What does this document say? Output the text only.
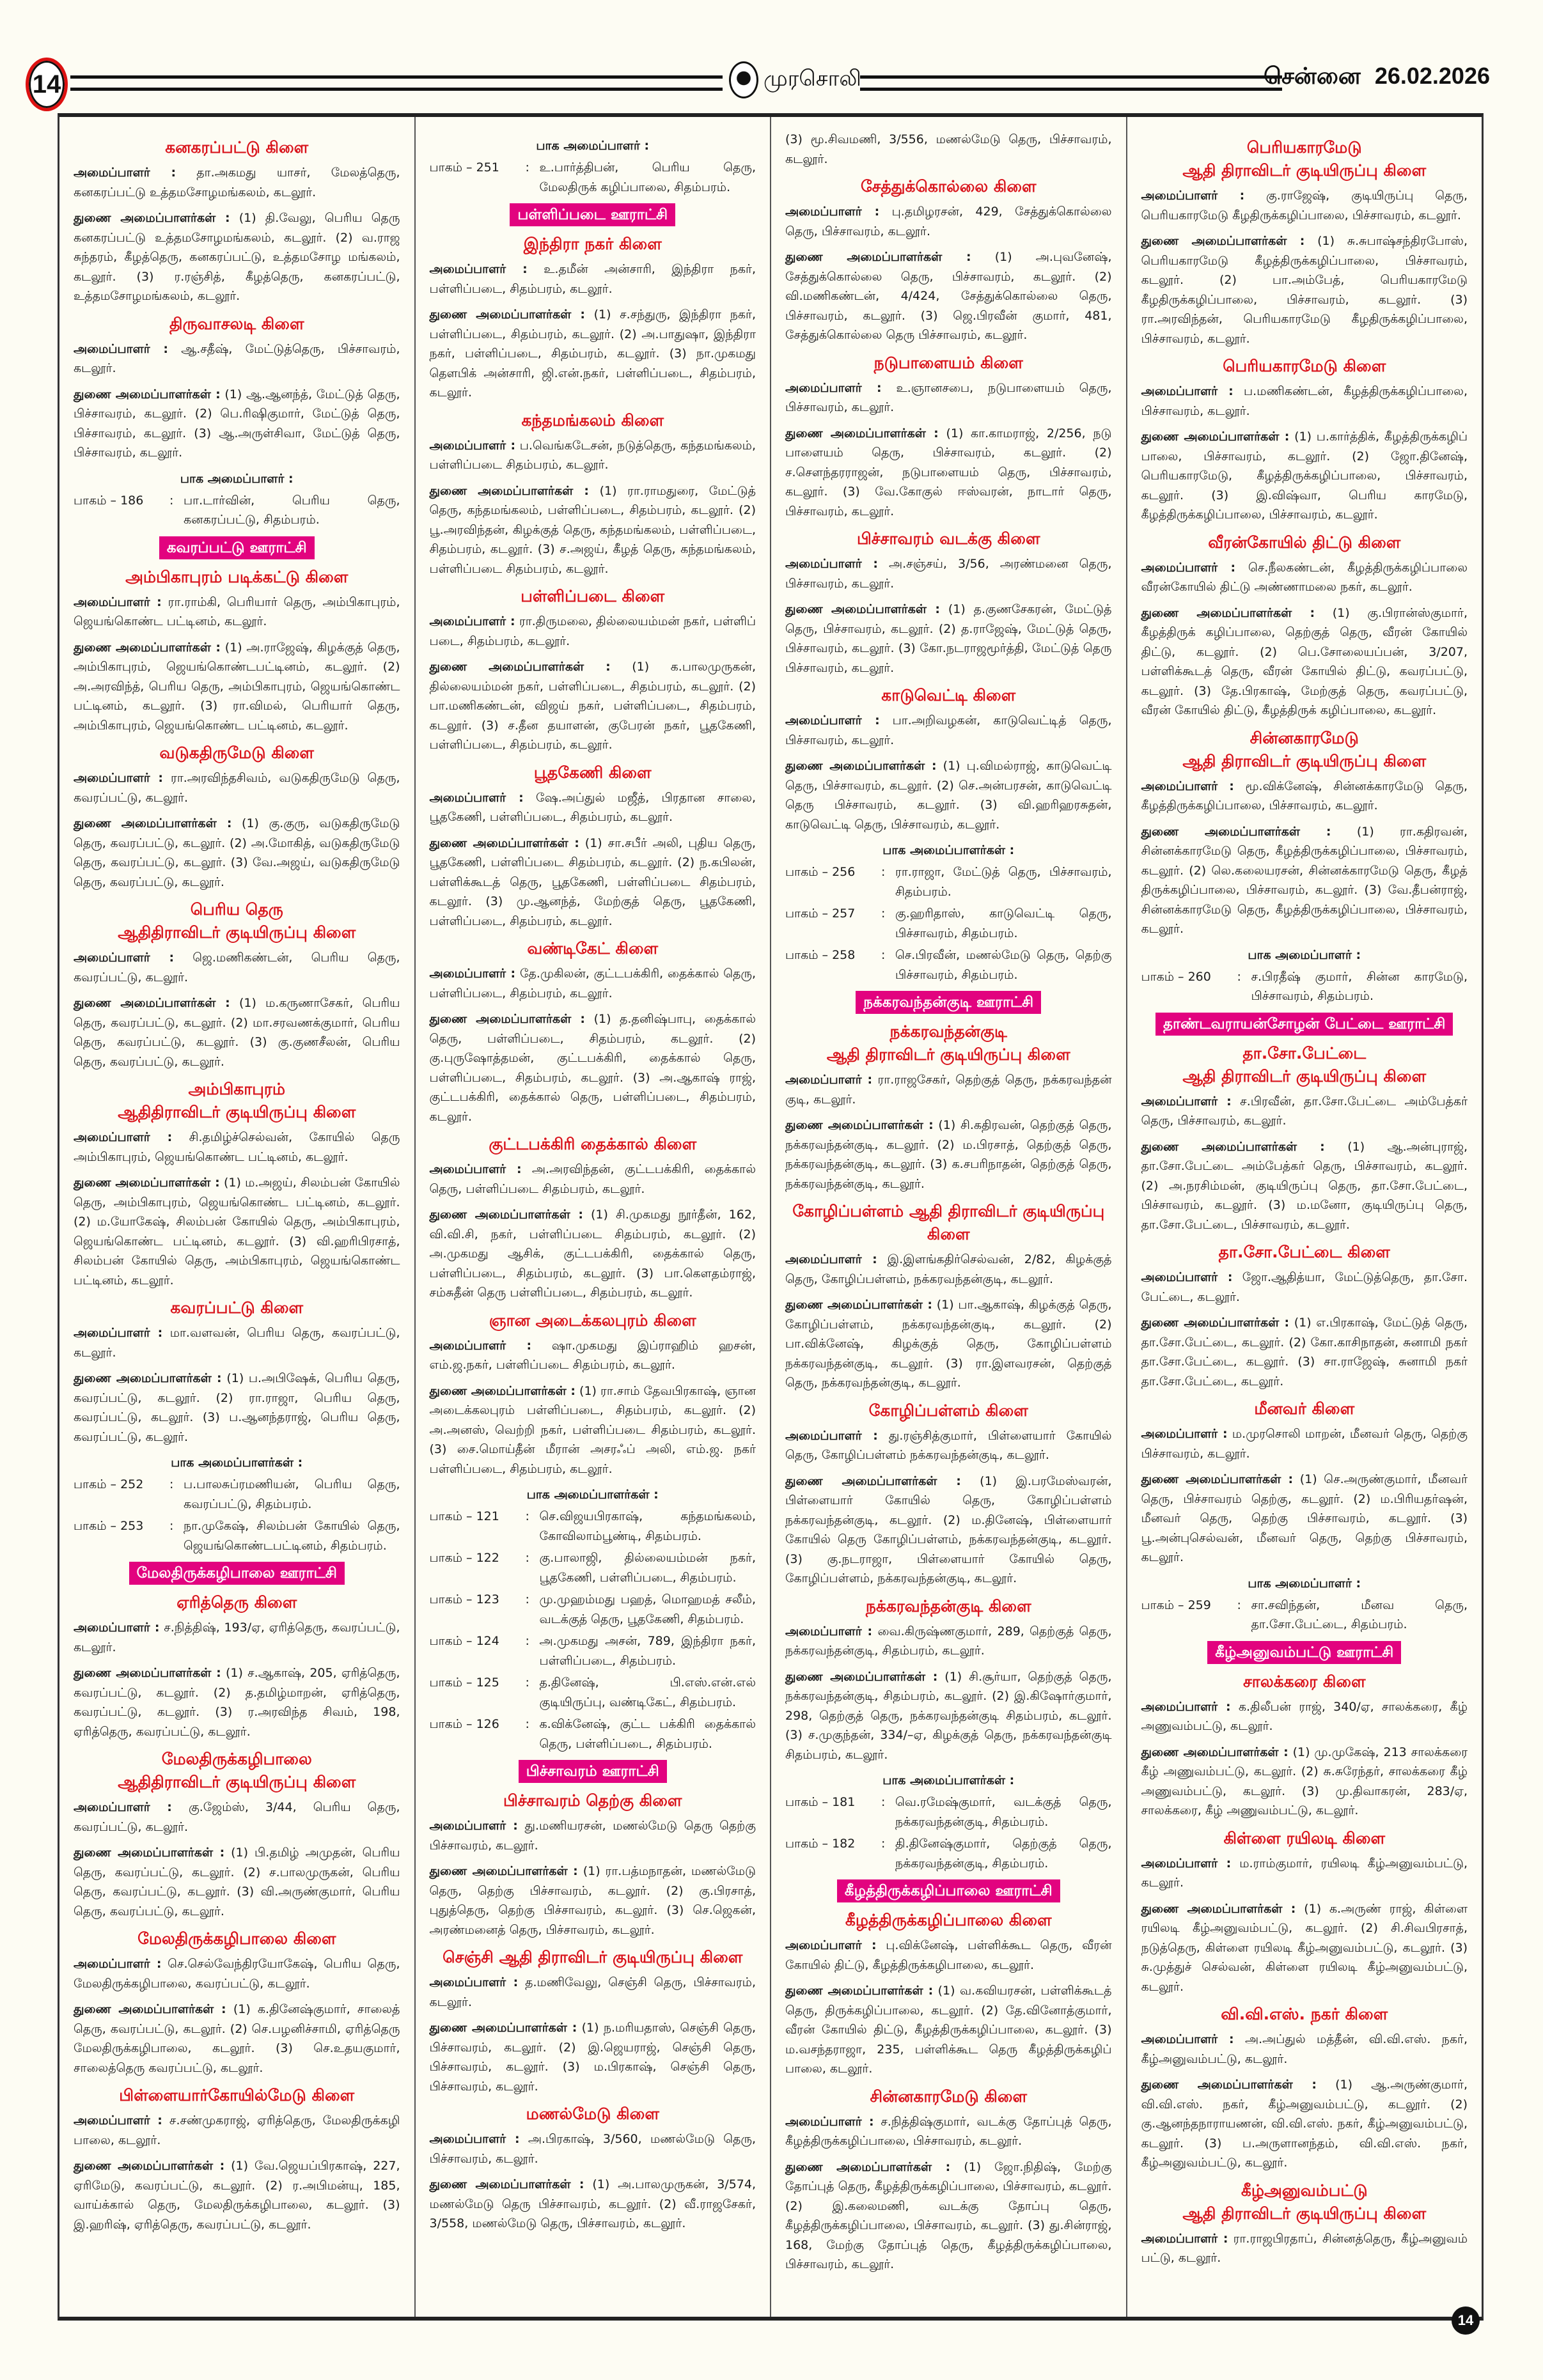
14	முரசொலி	சென்னை 26.02.2026
கனகரப்பட்டு கிளை

அமைப்பாளர் : தா.அகமது யாசர், மேலத்தெரு, கனகரப்பட்டு உத்தமசோழமங்கலம், கடலூர்.

துணை அமைப்பாளர்கள் : (1) தி.வேலு, பெரிய தெரு கனகரப்பட்டு உத்தமசோழமங்கலம், கடலூர். (2) வ.ராஜ சுந்தரம், கீழத்தெரு, கனகரப்பட்டு, உத்தமசோழ மங்கலம், கடலூர். (3) ர.ரஞ்சித், கீழத்தெரு, கனகரப்பட்டு, உத்தமசோழமங்கலம், கடலூர்.

திருவாசலடி கிளை

அமைப்பாளர் : ஆ.சதீஷ், மேட்டுத்தெரு, பிச்சாவரம், கடலூர்.

துணை அமைப்பாளர்கள் : (1) ஆ.ஆனந்த், மேட்டுத் தெரு, பிச்சாவரம், கடலூர். (2) பெ.ரிஷிகுமார், மேட்டுத் தெரு, பிச்சாவரம், கடலூர். (3) ஆ.அருள்சிவா, மேட்டுத் தெரு, பிச்சாவரம், கடலூர்.

பாக அமைப்பாளர் :
பாகம் – 186	: பா.டார்வின், பெரிய தெரு, கனகரப்பட்டு, சிதம்பரம்.
கவரப்பட்டு ஊராட்சி
அம்பிகாபுரம் படிக்கட்டு கிளை

அமைப்பாளர் : ரா.ராம்கி, பெரியார் தெரு, அம்பிகாபுரம், ஜெயங்கொண்ட பட்டினம், கடலூர்.

துணை அமைப்பாளர்கள் : (1) அ.ராஜேஷ், கிழக்குத் தெரு, அம்பிகாபுரம், ஜெயங்கொண்டபட்டினம், கடலூர். (2) அ.அரவிந்த், பெரிய தெரு, அம்பிகாபுரம், ஜெயங்கொண்ட பட்டினம், கடலூர். (3) ரா.விமல், பெரியார் தெரு, அம்பிகாபுரம், ஜெயங்கொண்ட பட்டினம், கடலூர்.

வடுகதிருமேடு கிளை

அமைப்பாளர் : ரா.அரவிந்தசிவம், வடுகதிருமேடு தெரு, கவரப்பட்டு, கடலூர்.

துணை அமைப்பாளர்கள் : (1) கு.குரு, வடுகதிருமேடு தெரு, கவரப்பட்டு, கடலூர். (2) அ.மோகித், வடுகதிருமேடு தெரு, கவரப்பட்டு, கடலூர். (3) வே.அஜய், வடுகதிருமேடு தெரு, கவரப்பட்டு, கடலூர்.

பெரிய தெரு
ஆதிதிராவிடர் குடியிருப்பு கிளை

அமைப்பாளர் : ஜெ.மணிகண்டன், பெரிய தெரு, கவரப்பட்டு, கடலூர்.

துணை அமைப்பாளர்கள் : (1) ம.கருணாசேகர், பெரிய தெரு, கவரப்பட்டு, கடலூர். (2) மா.சரவணக்குமார், பெரிய தெரு, கவரப்பட்டு, கடலூர். (3) கு.குணசீலன், பெரிய தெரு, கவரப்பட்டு, கடலூர்.

அம்பிகாபுரம்
ஆதிதிராவிடர் குடியிருப்பு கிளை

அமைப்பாளர் : சி.தமிழ்ச்செல்வன், கோயில் தெரு அம்பிகாபுரம், ஜெயங்கொண்ட பட்டினம், கடலூர்.

துணை அமைப்பாளர்கள் : (1) ம.அஜய், சிலம்பன் கோயில் தெரு, அம்பிகாபுரம், ஜெயங்கொண்ட பட்டினம், கடலூர். (2) ம.யோகேஷ், சிலம்பன் கோயில் தெரு, அம்பிகாபுரம், ஜெயங்கொண்ட பட்டினம், கடலூர். (3) வி.ஹரிபிரசாத், சிலம்பன் கோயில் தெரு, அம்பிகாபுரம், ஜெயங்கொண்ட பட்டினம், கடலூர்.

கவரப்பட்டு கிளை

அமைப்பாளர் : மா.வளவன், பெரிய தெரு, கவரப்பட்டு, கடலூர்.

துணை அமைப்பாளர்கள் : (1) ப.அபிஷேக், பெரிய தெரு, கவரப்பட்டு, கடலூர். (2) ரா.ராஜா, பெரிய தெரு, கவரப்பட்டு, கடலூர். (3) ப.ஆனந்தராஜ், பெரிய தெரு, கவரப்பட்டு, கடலூர்.

பாக அமைப்பாளர்கள் :
பாகம் – 252	: ப.பாலசுப்ரமணியன், பெரிய தெரு, கவரப்பட்டு, சிதம்பரம்.
பாகம் – 253	: நா.முகேஷ், சிலம்பன் கோயில் தெரு, ஜெயங்கொண்டபட்டினம், சிதம்பரம்.
மேலதிருக்கழிபாலை ஊராட்சி
ஏரித்தெரு கிளை

அமைப்பாளர் : ச.நித்திஷ், 193/ஏ, ஏரித்தெரு, கவரப்பட்டு, கடலூர்.

துணை அமைப்பாளர்கள் : (1) ச.ஆகாஷ், 205, ஏரித்தெரு, கவரப்பட்டு, கடலூர். (2) த.தமிழ்மாறன், ஏரித்தெரு, கவரப்பட்டு, கடலூர். (3) ர.அரவிந்த சிவம், 198, ஏரித்தெரு, கவரப்பட்டு, கடலூர்.

மேலதிருக்கழிபாலை
ஆதிதிராவிடர் குடியிருப்பு கிளை

அமைப்பாளர் : கு.ஜேம்ஸ், 3/44, பெரிய தெரு, கவரப்பட்டு, கடலூர்.

துணை அமைப்பாளர்கள் : (1) பி.தமிழ் அமுதன், பெரிய தெரு, கவரப்பட்டு, கடலூர். (2) ச.பாலமுருகன், பெரிய தெரு, கவரப்பட்டு, கடலூர். (3) வி.அருண்குமார், பெரிய தெரு, கவரப்பட்டு, கடலூர்.

மேலதிருக்கழிபாலை கிளை

அமைப்பாளர் : செ.செல்வேந்திரயோகேஷ், பெரிய தெரு, மேலதிருக்கழிபாலை, கவரப்பட்டு, கடலூர்.

துணை அமைப்பாளர்கள் : (1) க.தினேஷ்குமார், சாலைத் தெரு, கவரப்பட்டு, கடலூர். (2) செ.பழனிச்சாமி, ஏரித்தெரு மேலதிருக்கழிபாலை, கடலூர். (3) செ.உதயகுமார், சாலைத்தெரு கவரப்பட்டு, கடலூர்.

பிள்ளையார்கோயில்மேடு கிளை

அமைப்பாளர் : ச.சண்முகராஜ், ஏரித்தெரு, மேலதிருக்கழி பாலை, கடலூர்.

துணை அமைப்பாளர்கள் : (1) வே.ஜெயப்பிரகாஷ், 227, ஏரிமேடு, கவரப்பட்டு, கடலூர். (2) ர.அபிமன்யு, 185, வாய்க்கால் தெரு, மேலதிருக்கழிபாலை, கடலூர். (3) இ.ஹரிஷ், ஏரித்தெரு, கவரப்பட்டு, கடலூர்.

பாக அமைப்பாளர் :
பாகம் – 251	: உ.பார்த்திபன், பெரிய தெரு, மேலதிருக் கழிப்பாலை, சிதம்பரம்.
பள்ளிப்படை ஊராட்சி
இந்திரா நகர் கிளை

அமைப்பாளர் : உ.தமீன் அன்சாரி, இந்திரா நகர், பள்ளிப்படை, சிதம்பரம், கடலூர்.

துணை அமைப்பாளர்கள் : (1) ச.சந்துரு, இந்திரா நகர், பள்ளிப்படை, சிதம்பரம், கடலூர். (2) அ.பாதுஷா, இந்திரா நகர், பள்ளிப்படை, சிதம்பரம், கடலூர். (3) நா.முகமது தௌபிக் அன்சாரி, ஜி.என்.நகர், பள்ளிப்படை, சிதம்பரம், கடலூர்.

கந்தமங்கலம் கிளை

அமைப்பாளர் : ப.வெங்கடேசன், நடுத்தெரு, கந்தமங்கலம், பள்ளிப்படை சிதம்பரம், கடலூர்.

துணை அமைப்பாளர்கள் : (1) ரா.ராமதுரை, மேட்டுத் தெரு, கந்தமங்கலம், பள்ளிப்படை, சிதம்பரம், கடலூர். (2) பூ.அரவிந்தன், கிழக்குத் தெரு, கந்தமங்கலம், பள்ளிப்படை, சிதம்பரம், கடலூர். (3) ச.அஜய், கீழத் தெரு, கந்தமங்கலம், பள்ளிப்படை சிதம்பரம், கடலூர்.

பள்ளிப்படை கிளை

அமைப்பாளர் : ரா.திருமலை, தில்லையம்மன் நகர், பள்ளிப் படை, சிதம்பரம், கடலூர்.

துணை அமைப்பாளர்கள் : (1) க.பாலமுருகன், தில்லையம்மன் நகர், பள்ளிப்படை, சிதம்பரம், கடலூர். (2) பா.மணிகண்டன், விஜய் நகர், பள்ளிப்படை, சிதம்பரம், கடலூர். (3) ச.தீன தயாளன், குபேரன் நகர், பூதகேணி, பள்ளிப்படை, சிதம்பரம், கடலூர்.

பூதகேணி கிளை

அமைப்பாளர் : ஷே.அப்துல் மஜீத், பிரதான சாலை, பூதகேணி, பள்ளிப்படை, சிதம்பரம், கடலூர்.

துணை அமைப்பாளர்கள் : (1) சா.சபீர் அலி, புதிய தெரு, பூதகேணி, பள்ளிப்படை சிதம்பரம், கடலூர். (2) ந.கபிலன், பள்ளிக்கூடத் தெரு, பூதகேணி, பள்ளிப்படை சிதம்பரம், கடலூர். (3) மு.ஆனந்த், மேற்குத் தெரு, பூதகேணி, பள்ளிப்படை, சிதம்பரம், கடலூர்.

வண்டிகேட் கிளை

அமைப்பாளர் : தே.முகிலன், குட்டபக்கிரி, தைக்கால் தெரு, பள்ளிப்படை, சிதம்பரம், கடலூர்.

துணை அமைப்பாளர்கள் : (1) த.தனிஷ்பாபு, தைக்கால் தெரு, பள்ளிப்படை, சிதம்பரம், கடலூர். (2) கு.புருஷோத்தமன், குட்டபக்கிரி, தைக்கால் தெரு, பள்ளிப்படை, சிதம்பரம், கடலூர். (3) அ.ஆகாஷ் ராஜ், குட்டபக்கிரி, தைக்கால் தெரு, பள்ளிப்படை, சிதம்பரம், கடலூர்.

குட்டபக்கிரி தைக்கால் கிளை

அமைப்பாளர் : அ.அரவிந்தன், குட்டபக்கிரி, தைக்கால் தெரு, பள்ளிப்படை சிதம்பரம், கடலூர்.

துணை அமைப்பாளர்கள் : (1) சி.முகமது நூர்தீன், 162, வி.வி.சி, நகர், பள்ளிப்படை சிதம்பரம், கடலூர். (2) அ.முகமது ஆசிக், குட்டபக்கிரி, தைக்கால் தெரு, பள்ளிப்படை, சிதம்பரம், கடலூர். (3) பா.கௌதம்ராஜ், சம்சுதீன் தெரு பள்ளிப்படை, சிதம்பரம், கடலூர்.

ஞான அடைக்கலபுரம் கிளை

அமைப்பாளர் : ஷா.முகமது இப்ராஹிம் ஹசன், எம்.ஜ.நகர், பள்ளிப்படை சிதம்பரம், கடலூர்.

துணை அமைப்பாளர்கள் : (1) ரா.சாம் தேவபிரகாஷ், ஞான அடைக்கலபுரம் பள்ளிப்படை, சிதம்பரம், கடலூர். (2) அ.அனஸ், வெற்றி நகர், பள்ளிப்படை சிதம்பரம், கடலூர். (3) சை.மொய்தீன் மீரான் அசரஃப் அலி, எம்.ஜ. நகர் பள்ளிப்படை, சிதம்பரம், கடலூர்.

பாக அமைப்பாளர்கள் :
பாகம் – 121	: செ.விஜயபிரகாஷ், கந்தமங்கலம், கோவிலாம்பூண்டி, சிதம்பரம்.
பாகம் – 122	: கு.பாலாஜி, தில்லையம்மன் நகர், பூதகேணி, பள்ளிப்படை, சிதம்பரம்.
பாகம் – 123	: மு.முஹம்மது பஹத், மொஹமத் சலீம், வடக்குத் தெரு, பூதகேணி, சிதம்பரம்.
பாகம் – 124	: அ.முகமது அசன், 789, இந்திரா நகர், பள்ளிப்படை, சிதம்பரம்.
பாகம் – 125	: த.தினேஷ், பி.எஸ்.என்.எல் குடியிருப்பு, வண்டிகேட், சிதம்பரம்.
பாகம் – 126	: க.விக்னேஷ், குட்ட பக்கிரி தைக்கால் தெரு, பள்ளிப்படை, சிதம்பரம்.
பிச்சாவரம் ஊராட்சி
பிச்சாவரம் தெற்கு கிளை

அமைப்பாளர் : து.மணியரசன், மணல்மேடு தெரு தெற்கு பிச்சாவரம், கடலூர்.

துணை அமைப்பாளர்கள் : (1) ரா.பத்மநாதன், மணல்மேடு தெரு, தெற்கு பிச்சாவரம், கடலூர். (2) கு.பிரசாத், புதுத்தெரு, தெற்கு பிச்சாவரம், கடலூர். (3) செ.ஜெகன், அரண்மனைத் தெரு, பிச்சாவரம், கடலூர்.

செஞ்சி ஆதி திராவிடர் குடியிருப்பு கிளை

அமைப்பாளர் : த.மணிவேலு, செஞ்சி தெரு, பிச்சாவரம், கடலூர்.

துணை அமைப்பாளர்கள் : (1) ந.மரியதாஸ், செஞ்சி தெரு, பிச்சாவரம், கடலூர். (2) இ.ஜெயராஜ், செஞ்சி தெரு, பிச்சாவரம், கடலூர். (3) ம.பிரகாஷ், செஞ்சி தெரு, பிச்சாவரம், கடலூர்.

மணல்மேடு கிளை

அமைப்பாளர் : அ.பிரகாஷ், 3/560, மணல்மேடு தெரு, பிச்சாவரம், கடலூர்.

துணை அமைப்பாளர்கள் : (1) அ.பாலமுருகன், 3/574, மணல்மேடு தெரு பிச்சாவரம், கடலூர். (2) வீ.ராஜசேகர், 3/558, மணல்மேடு தெரு, பிச்சாவரம், கடலூர்.

(3) மூ.சிவமணி, 3/556, மணல்மேடு தெரு, பிச்சாவரம், கடலூர்.

சேத்துக்கொல்லை கிளை

அமைப்பாளர் : பு.தமிழரசன், 429, சேத்துக்கொல்லை தெரு, பிச்சாவரம், கடலூர்.

துணை அமைப்பாளர்கள் : (1) அ.புவனேஷ், சேத்துக்கொல்லை தெரு, பிச்சாவரம், கடலூர். (2) வி.மணிகண்டன், 4/424, சேத்துக்கொல்லை தெரு, பிச்சாவரம், கடலூர். (3) ஜெ.பிரவீன் குமார், 481, சேத்துக்கொல்லை தெரு பிச்சாவரம், கடலூர்.

நடுபாளையம் கிளை

அமைப்பாளர் : உ.ஞானசபை, நடுபாளையம் தெரு, பிச்சாவரம், கடலூர்.

துணை அமைப்பாளர்கள் : (1) கா.காமராஜ், 2/256, நடு பாளையம் தெரு, பிச்சாவரம், கடலூர். (2) ச.சௌந்தரராஜன், நடுபாளையம் தெரு, பிச்சாவரம், கடலூர். (3) வே.கோகுல் ஈஸ்வரன், நாடார் தெரு, பிச்சாவரம், கடலூர்.

பிச்சாவரம் வடக்கு கிளை

அமைப்பாளர் : அ.சஞ்சய், 3/56, அரண்மனை தெரு, பிச்சாவரம், கடலூர்.

துணை அமைப்பாளர்கள் : (1) த.குணசேகரன், மேட்டுத் தெரு, பிச்சாவரம், கடலூர். (2) த.ராஜேஷ், மேட்டுத் தெரு, பிச்சாவரம், கடலூர். (3) கோ.நடராஜமூர்த்தி, மேட்டுத் தெரு பிச்சாவரம், கடலூர்.

காடுவெட்டி கிளை

அமைப்பாளர் : பா.அறிவழகன், காடுவெட்டித் தெரு, பிச்சாவரம், கடலூர்.

துணை அமைப்பாளர்கள் : (1) பு.விமல்ராஜ், காடுவெட்டி தெரு, பிச்சாவரம், கடலூர். (2) செ.அன்பரசன், காடுவெட்டி தெரு பிச்சாவரம், கடலூர். (3) வி.ஹரிஹரசுதன், காடுவெட்டி தெரு, பிச்சாவரம், கடலூர்.

பாக அமைப்பாளர்கள் :
பாகம் – 256	: ரா.ராஜா, மேட்டுத் தெரு, பிச்சாவரம், சிதம்பரம்.
பாகம் – 257	: கு.ஹரிதாஸ், காடுவெட்டி தெரு, பிச்சாவரம், சிதம்பரம்.
பாகம் – 258	: செ.பிரவீன், மணல்மேடு தெரு, தெற்கு பிச்சாவரம், சிதம்பரம்.
நக்கரவந்தன்குடி ஊராட்சி
நக்கரவந்தன்குடி
ஆதி திராவிடர் குடியிருப்பு கிளை

அமைப்பாளர் : ரா.ராஜசேகர், தெற்குத் தெரு, நக்கரவந்தன் குடி, கடலூர்.

துணை அமைப்பாளர்கள் : (1) சி.கதிரவன், தெற்குத் தெரு, நக்கரவந்தன்குடி, கடலூர். (2) ம.பிரசாத், தெற்குத் தெரு, நக்கரவந்தன்குடி, கடலூர். (3) க.சபரிநாதன், தெற்குத் தெரு, நக்கரவந்தன்குடி, கடலூர்.

கோழிப்பள்ளம் ஆதி திராவிடர் குடியிருப்பு கிளை

அமைப்பாளர் : இ.இளங்கதிர்செல்வன், 2/82, கிழக்குத் தெரு, கோழிப்பள்ளம், நக்கரவந்தன்குடி, கடலூர்.

துணை அமைப்பாளர்கள் : (1) பா.ஆகாஷ், கிழக்குத் தெரு, கோழிப்பள்ளம், நக்கரவந்தன்குடி, கடலூர். (2) பா.விக்னேஷ், கிழக்குத் தெரு, கோழிப்பள்ளம் நக்கரவந்தன்குடி, கடலூர். (3) ரா.இளவரசன், தெற்குத் தெரு, நக்கரவந்தன்குடி, கடலூர்.

கோழிப்பள்ளம் கிளை

அமைப்பாளர் : து.ரஞ்சித்குமார், பிள்ளையார் கோயில் தெரு, கோழிப்பள்ளம் நக்கரவந்தன்குடி, கடலூர்.

துணை அமைப்பாளர்கள் : (1) இ.பரமேஸ்வரன், பிள்ளையார் கோயில் தெரு, கோழிப்பள்ளம் நக்கரவந்தன்குடி, கடலூர். (2) ம.தினேஷ், பிள்ளையார் கோயில் தெரு கோழிப்பள்ளம், நக்கரவந்தன்குடி, கடலூர். (3) கு.நடராஜா, பிள்ளையார் கோயில் தெரு, கோழிப்பள்ளம், நக்கரவந்தன்குடி, கடலூர்.

நக்கரவந்தன்குடி கிளை

அமைப்பாளர் : வை.கிருஷ்ணகுமார், 289, தெற்குத் தெரு, நக்கரவந்தன்குடி, சிதம்பரம், கடலூர்.

துணை அமைப்பாளர்கள் : (1) சி.சூர்யா, தெற்குத் தெரு, நக்கரவந்தன்குடி, சிதம்பரம், கடலூர். (2) இ.கிஷோர்குமார், 298, தெற்குத் தெரு, நக்கரவந்தன்குடி சிதம்பரம், கடலூர். (3) ச.முகுந்தன், 334/–ஏ, கிழக்குத் தெரு, நக்கரவந்தன்குடி சிதம்பரம், கடலூர்.

பாக அமைப்பாளர்கள் :
பாகம் – 181	: வெ.ரமேஷ்குமார், வடக்குத் தெரு, நக்கரவந்தன்குடி, சிதம்பரம்.
பாகம் – 182	: தி.தினேஷ்குமார், தெற்குத் தெரு, நக்கரவந்தன்குடி, சிதம்பரம்.
கீழத்திருக்கழிப்பாலை ஊராட்சி
கீழத்திருக்கழிப்பாலை கிளை

அமைப்பாளர் : பு.விக்னேஷ், பள்ளிக்கூட தெரு, வீரன் கோயில் திட்டு, கீழத்திருக்கழிபாலை, கடலூர்.

துணை அமைப்பாளர்கள் : (1) வ.கவியரசன், பள்ளிக்கூடத் தெரு, திருக்கழிப்பாலை, கடலூர். (2) தே.வினோத்குமார், வீரன் கோயில் திட்டு, கீழத்திருக்கழிப்பாலை, கடலூர். (3) ம.வசந்தராஜா, 235, பள்ளிக்கூட தெரு கீழத்திருக்கழிப் பாலை, கடலூர்.

சின்னகாரமேடு கிளை

அமைப்பாளர் : ச.நித்திஷ்குமார், வடக்கு தோப்புத் தெரு, கீழத்திருக்கழிப்பாலை, பிச்சாவரம், கடலூர்.

துணை அமைப்பாளர்கள் : (1) ஜோ.நிதிஷ், மேற்கு தோப்புத் தெரு, கீழத்திருக்கழிப்பாலை, பிச்சாவரம், கடலூர். (2) இ.கலைமணி, வடக்கு தோப்பு தெரு, கீழத்திருக்கழிப்பாலை, பிச்சாவரம், கடலூர். (3) து.சின்ராஜ், 168, மேற்கு தோப்புத் தெரு, கீழத்திருக்கழிப்பாலை, பிச்சாவரம், கடலூர்.

பெரியகாரமேடு
ஆதி திராவிடர் குடியிருப்பு கிளை

அமைப்பாளர் : கு.ராஜேஷ், குடியிருப்பு தெரு, பெரியகாரமேடு கீழதிருக்கழிப்பாலை, பிச்சாவரம், கடலூர்.

துணை அமைப்பாளர்கள் : (1) சு.சுபாஷ்சந்திரபோஸ், பெரியகாரமேடு கீழத்திருக்கழிப்பாலை, பிச்சாவரம், கடலூர். (2) பா.அம்பேத், பெரியகாரமேடு கீழதிருக்கழிப்பாலை, பிச்சாவரம், கடலூர். (3) ரா.அரவிந்தன், பெரியகாரமேடு கீழதிருக்கழிப்பாலை, பிச்சாவரம், கடலூர்.

பெரியகாரமேடு கிளை

அமைப்பாளர் : ப.மணிகண்டன், கீழத்திருக்கழிப்பாலை, பிச்சாவரம், கடலூர்.

துணை அமைப்பாளர்கள் : (1) ப.கார்த்திக், கீழத்திருக்கழிப் பாலை, பிச்சாவரம், கடலூர். (2) ஜோ.தினேஷ், பெரியகாரமேடு, கீழத்திருக்கழிப்பாலை, பிச்சாவரம், கடலூர். (3) இ.விஷ்வா, பெரிய காரமேடு, கீழத்திருக்கழிப்பாலை, பிச்சாவரம், கடலூர்.

வீரன்கோயில் திட்டு கிளை

அமைப்பாளர் : செ.நீலகண்டன், கீழத்திருக்கழிப்பாலை வீரன்கோயில் திட்டு அண்ணாமலை நகர், கடலூர்.

துணை அமைப்பாளர்கள் : (1) கு.பிரான்ஸ்குமார், கீழத்திருக் கழிப்பாலை, தெற்குத் தெரு, வீரன் கோயில் திட்டு, கடலூர். (2) பெ.சோலையப்பன், 3/207, பள்ளிக்கூடத் தெரு, வீரன் கோயில் திட்டு, கவரப்பட்டு, கடலூர். (3) தே.பிரகாஷ், மேற்குத் தெரு, கவரப்பட்டு, வீரன் கோயில் திட்டு, கீழத்திருக் கழிப்பாலை, கடலூர்.

சின்னகாரமேடு
ஆதி திராவிடர் குடியிருப்பு கிளை

அமைப்பாளர் : மூ.விக்னேஷ், சின்னக்காரமேடு தெரு, கீழத்திருக்கழிப்பாலை, பிச்சாவரம், கடலூர்.

துணை அமைப்பாளர்கள் : (1) ரா.கதிரவன், சின்னக்காரமேடு தெரு, கீழத்திருக்கழிப்பாலை, பிச்சாவரம், கடலூர். (2) லெ.கலையரசன், சின்னக்காரமேடு தெரு, கீழத் திருக்கழிப்பாலை, பிச்சாவரம், கடலூர். (3) வே.தீபன்ராஜ், சின்னக்காரமேடு தெரு, கீழத்திருக்கழிப்பாலை, பிச்சாவரம், கடலூர்.

பாக அமைப்பாளர் :
பாகம் – 260	: ச.பிரதீஷ் குமார், சின்ன காரமேடு, பிச்சாவரம், சிதம்பரம்.
தாண்டவராயன்சோழன் பேட்டை ஊராட்சி
தா.சோ.பேட்டை
ஆதி திராவிடர் குடியிருப்பு கிளை

அமைப்பாளர் : ச.பிரவீன், தா.சோ.பேட்டை அம்பேத்கர் தெரு, பிச்சாவரம், கடலூர்.

துணை அமைப்பாளர்கள் : (1) ஆ.அன்புராஜ், தா.சோ.பேட்டை அம்பேத்கர் தெரு, பிச்சாவரம், கடலூர். (2) அ.நரசிம்மன், குடியிருப்பு தெரு, தா.சோ.பேட்டை, பிச்சாவரம், கடலூர். (3) ம.மனோ, குடியிருப்பு தெரு, தா.சோ.பேட்டை, பிச்சாவரம், கடலூர்.

தா.சோ.பேட்டை கிளை

அமைப்பாளர் : ஜோ.ஆதித்யா, மேட்டுத்தெரு, தா.சோ. பேட்டை, கடலூர்.

துணை அமைப்பாளர்கள் : (1) எ.பிரகாஷ், மேட்டுத் தெரு, தா.சோ.பேட்டை, கடலூர். (2) கோ.காசிநாதன், சுனாமி நகர் தா.சோ.பேட்டை, கடலூர். (3) சா.ராஜேஷ், சுனாமி நகர் தா.சோ.பேட்டை, கடலூர்.

மீனவர் கிளை

அமைப்பாளர் : ம.முரசொலி மாறன், மீனவர் தெரு, தெற்கு பிச்சாவரம், கடலூர்.

துணை அமைப்பாளர்கள் : (1) செ.அருண்குமார், மீனவர் தெரு, பிச்சாவரம் தெற்கு, கடலூர். (2) ம.பிரியதர்ஷன், மீனவர் தெரு, தெற்கு பிச்சாவரம், கடலூர். (3) பூ.அன்புசெல்வன், மீனவர் தெரு, தெற்கு பிச்சாவரம், கடலூர்.

பாக அமைப்பாளர் :
பாகம் – 259	: சா.சவிந்தன், மீனவ தெரு, தா.சோ.பேட்டை, சிதம்பரம்.
கீழ்அனுவம்பட்டு ஊராட்சி
சாலக்கரை கிளை

அமைப்பாளர் : க.திலீபன் ராஜ், 340/ஏ, சாலக்கரை, கீழ் அணுவம்பட்டு, கடலூர்.

துணை அமைப்பாளர்கள் : (1) மு.முகேஷ், 213 சாலக்கரை கீழ் அணுவம்பட்டு, கடலூர். (2) சு.சுரேந்தர், சாலக்கரை கீழ் அணுவம்பட்டு, கடலூர். (3) மு.திவாகரன், 283/ஏ, சாலக்கரை, கீழ் அணுவம்பட்டு, கடலூர்.

கிள்ளை ரயிலடி கிளை

அமைப்பாளர் : ம.ராம்குமார், ரயிலடி கீழ்அனுவம்பட்டு, கடலூர்.

துணை அமைப்பாளர்கள் : (1) க.அருண் ராஜ், கிள்ளை ரயிலடி கீழ்அனுவம்பட்டு, கடலூர். (2) சி.சிவபிரசாத், நடுத்தெரு, கிள்ளை ரயிலடி கீழ்அனுவம்பட்டு, கடலூர். (3) சு.முத்துச் செல்வன், கிள்ளை ரயிலடி கீழ்அனுவம்பட்டு, கடலூர்.

வி.வி.எஸ். நகர் கிளை

அமைப்பாளர் : அ.அப்துல் மத்தீன், வி.வி.எஸ். நகர், கீழ்அனுவம்பட்டு, கடலூர்.

துணை அமைப்பாளர்கள் : (1) ஆ.அருண்குமார், வி.வி.எஸ். நகர், கீழ்அனுவம்பட்டு, கடலூர். (2) கு.ஆனந்தநாராயணன், வி.வி.எஸ். நகர், கீழ்அனுவம்பட்டு, கடலூர். (3) ப.அருளானந்தம், வி.வி.எஸ். நகர், கீழ்அனுவம்பட்டு, கடலூர்.

கீழ்அனுவம்பட்டு
ஆதி திராவிடர் குடியிருப்பு கிளை

அமைப்பாளர் : ரா.ராஜபிரதாப், சின்னத்தெரு, கீழ்அனுவம் பட்டு, கடலூர்.

14
